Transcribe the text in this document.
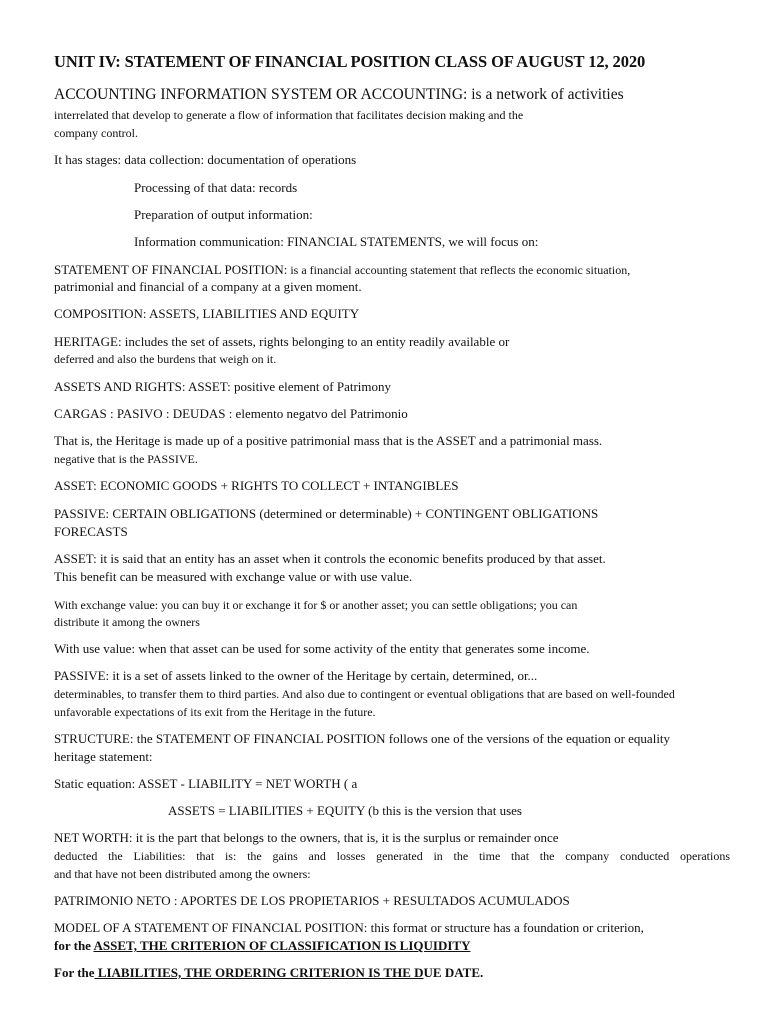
UNIT IV: STATEMENT OF FINANCIAL POSITION CLASS OF AUGUST 12, 2020
ACCOUNTING INFORMATION SYSTEM OR ACCOUNTING: is a network of activities
interrelated that develop to generate a flow of information that facilitates decision making and the
company control.
It has stages: data collection: documentation of operations
Processing of that data: records
Preparation of output information:
Information communication: FINANCIAL STATEMENTS, we will focus on:
STATEMENT OF FINANCIAL POSITION: is a financial accounting statement that reflects the economic situation,
patrimonial and financial of a company at a given moment.
COMPOSITION: ASSETS, LIABILITIES AND EQUITY
HERITAGE: includes the set of assets, rights belonging to an entity readily available or
deferred and also the burdens that weigh on it.
ASSETS AND RIGHTS: ASSET: positive element of Patrimony
CARGAS : PASIVO : DEUDAS : elemento negatvo del Patrimonio
That is, the Heritage is made up of a positive patrimonial mass that is the ASSET and a patrimonial mass.
negative that is the PASSIVE.
ASSET: ECONOMIC GOODS + RIGHTS TO COLLECT + INTANGIBLES
PASSIVE: CERTAIN OBLIGATIONS (determined or determinable) + CONTINGENT OBLIGATIONS
FORECASTS
ASSET: it is said that an entity has an asset when it controls the economic benefits produced by that asset.
This benefit can be measured with exchange value or with use value.
With exchange value: you can buy it or exchange it for $ or another asset; you can settle obligations; you can
distribute it among the owners
With use value: when that asset can be used for some activity of the entity that generates some income.
PASSIVE: it is a set of assets linked to the owner of the Heritage by certain, determined, or...
determinables, to transfer them to third parties. And also due to contingent or eventual obligations that are based on well-founded
unfavorable expectations of its exit from the Heritage in the future.
STRUCTURE: the STATEMENT OF FINANCIAL POSITION follows one of the versions of the equation or equality
heritage statement:
Static equation: ASSET - LIABILITY = NET WORTH ( a
ASSETS = LIABILITIES + EQUITY (b this is the version that uses
NET WORTH: it is the part that belongs to the owners, that is, it is the surplus or remainder once
deducted the Liabilities: that is: the gains and losses generated in the time that the company conducted operations
and that have not been distributed among the owners:
PATRIMONIO NETO : APORTES DE LOS PROPIETARIOS + RESULTADOS ACUMULADOS
MODEL OF A STATEMENT OF FINANCIAL POSITION: this format or structure has a foundation or criterion,
for the ASSET, THE CRITERION OF CLASSIFICATION IS LIQUIDITY
For the LIABILITIES, THE ORDERING CRITERION IS THE DUE DATE.
